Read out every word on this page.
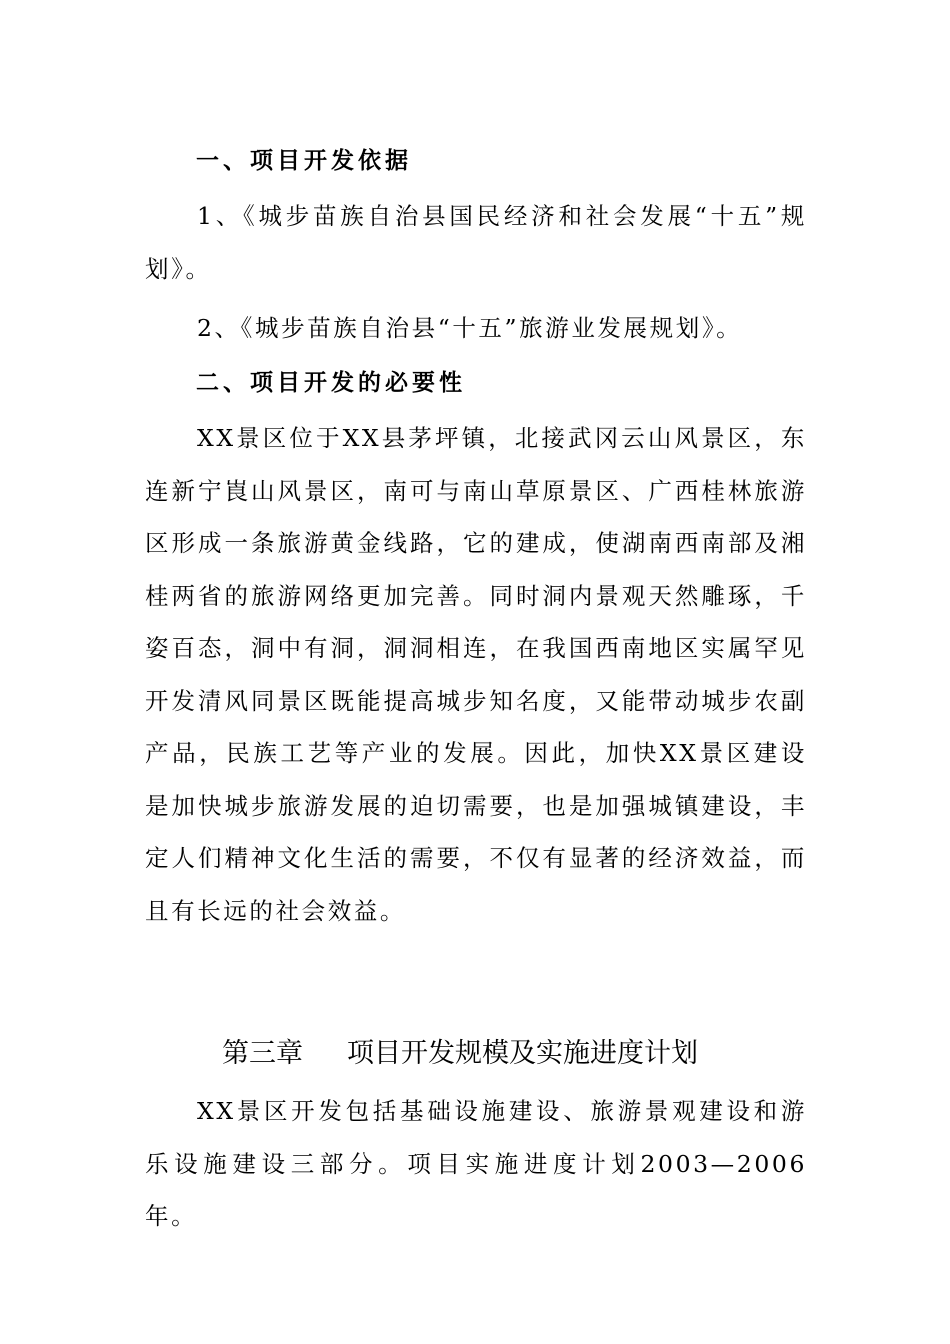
一、项目开发依据
1、《城步苗族自治县国民经济和社会发展“十五”规划》。
2、《城步苗族自治县“十五”旅游业发展规划》。
二、项目开发的必要性
XX景区位于XX县茅坪镇，北接武冈云山风景区，东连新宁崀山风景区，南可与南山草原景区、广西桂林旅游区形成一条旅游黄金线路，它的建成，使湖南西南部及湘桂两省的旅游网络更加完善。同时洞内景观天然雕琢，千姿百态，洞中有洞，洞洞相连，在我国西南地区实属罕见开发清风同景区既能提高城步知名度，又能带动城步农副产品，民族工艺等产业的发展。因此，加快XX景区建设是加快城步旅游发展的迫切需要，也是加强城镇建设，丰定人们精神文化生活的需要，不仅有显著的经济效益，而且有长远的社会效益。
第三章 项目开发规模及实施进度计划
XX景区开发包括基础设施建设、旅游景观建设和游乐设施建设三部分。项目实施进度计划2003—2006年。
